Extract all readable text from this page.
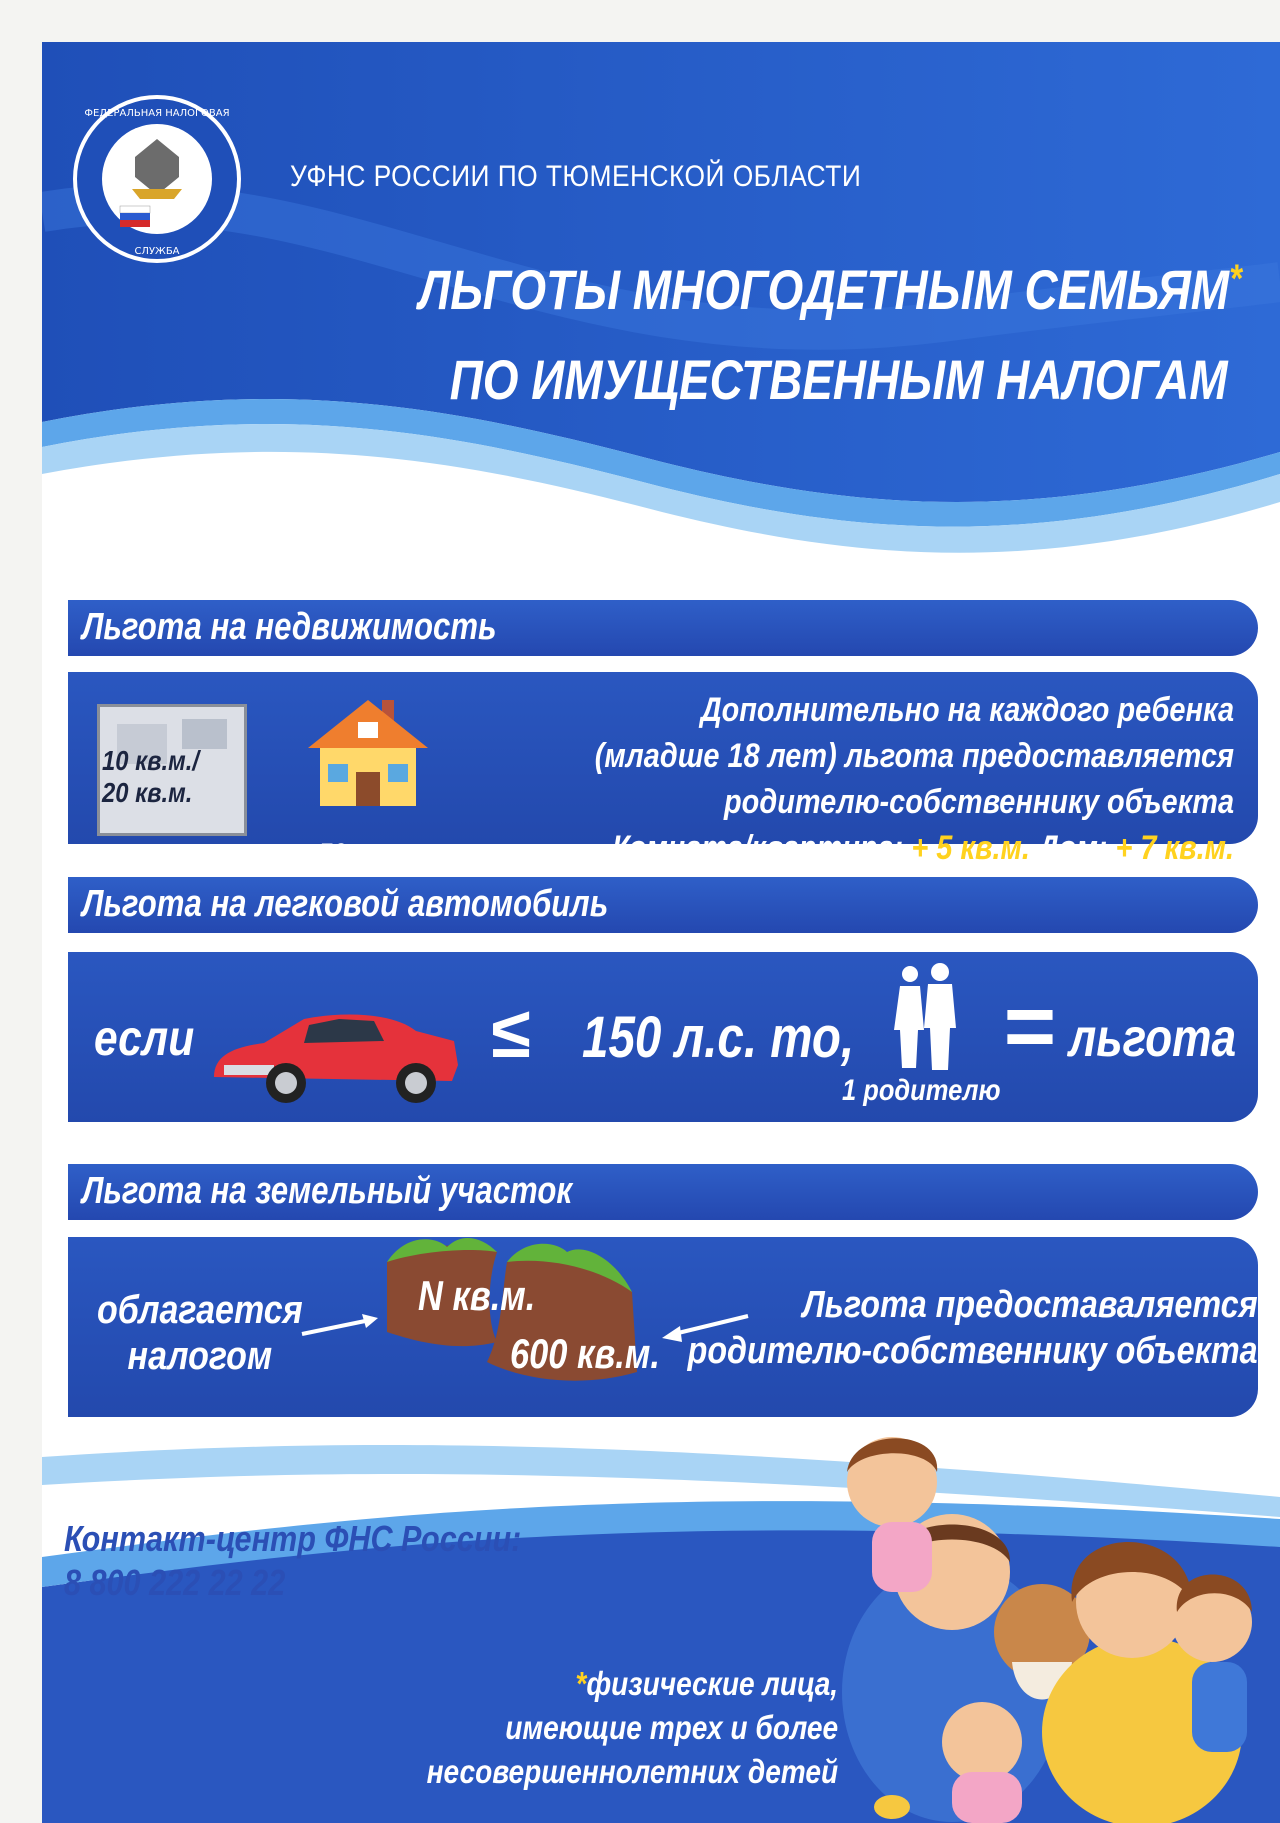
ФЕДЕРАЛЬНАЯ НАЛОГОВАЯ
СЛУЖБА
УФНС РОССИИ ПО ТЮМЕНСКОЙ ОБЛАСТИ
ЛЬГОТЫ МНОГОДЕТНЫМ СЕМЬЯМ*
ПО ИМУЩЕСТВЕННЫМ НАЛОГАМ
Льгота на недвижимость
10 кв.м./
20 кв.м.
50 кв.м.
Дополнительно на каждого ребенка
(младше 18 лет) льгота предоставляется
родителю-собственнику объекта
Комната/квартира: + 5 кв.м. Дом: + 7 кв.м.
Льгота на легковой автомобиль
если	≤ 150 л.с. то,
1 родителю
= льгота
Льгота на земельный участок
облагается
налогом
N кв.м.
600 кв.м.
Льгота предоставаляется
родителю-собственнику объекта
Контакт-центр ФНС России:
8 800 222 22 22
*физические лица,
имеющие трех и более
несовершеннолетних детей
